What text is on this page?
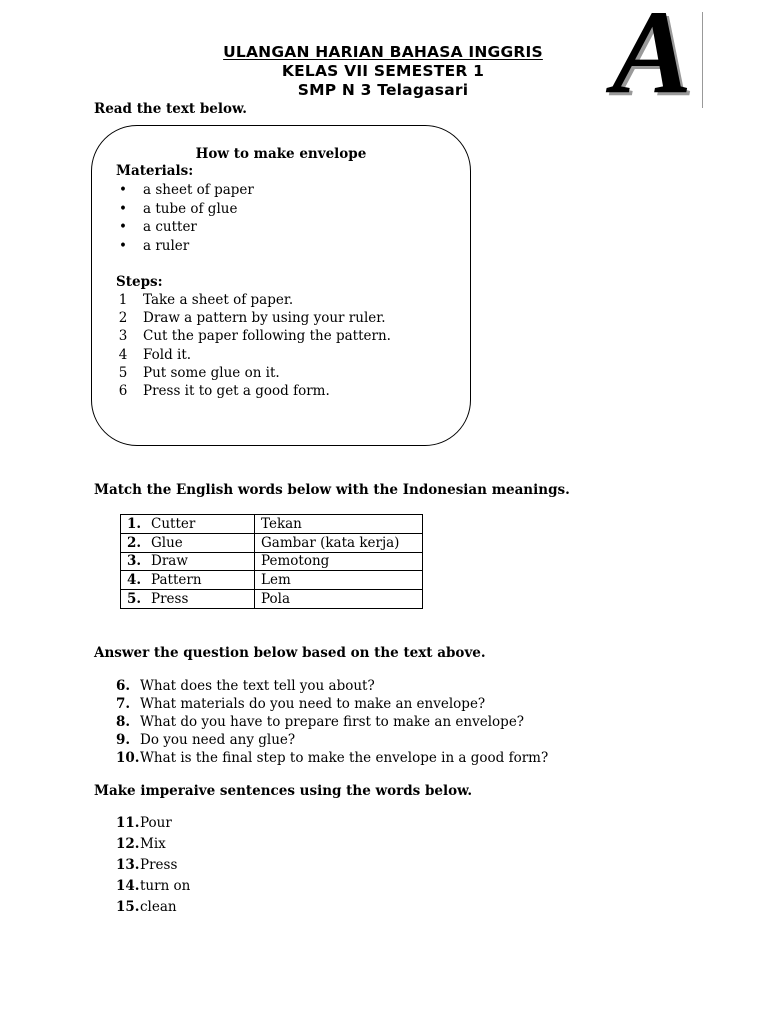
ULANGAN HARIAN BAHASA INGGRIS
KELAS VII SEMESTER 1
SMP N 3 Telagasari	A
Read the text below.
How to make envelope
Materials:
• a sheet of paper
• a tube of glue
• a cutter
• a ruler
Steps:
1 Take a sheet of paper.
2 Draw a pattern by using your ruler.
3 Cut the paper following the pattern.
4 Fold it.
5 Put some glue on it.
6 Press it to get a good form.
Match the English words below with the Indonesian meanings.
1. Cutter	Tekan
2. Glue	Gambar (kata kerja)
3. Draw	Pemotong
4. Pattern	Lem
5. Press	Pola
Answer the question below based on the text above.
6. What does the text tell you about?
7. What materials do you need to make an envelope?
8. What do you have to prepare first to make an envelope?
9. Do you need any glue?
10. What is the final step to make the envelope in a good form?
Make imperaive sentences using the words below.
11. Pour
12. Mix
13. Press
14. turn on
15. clean
